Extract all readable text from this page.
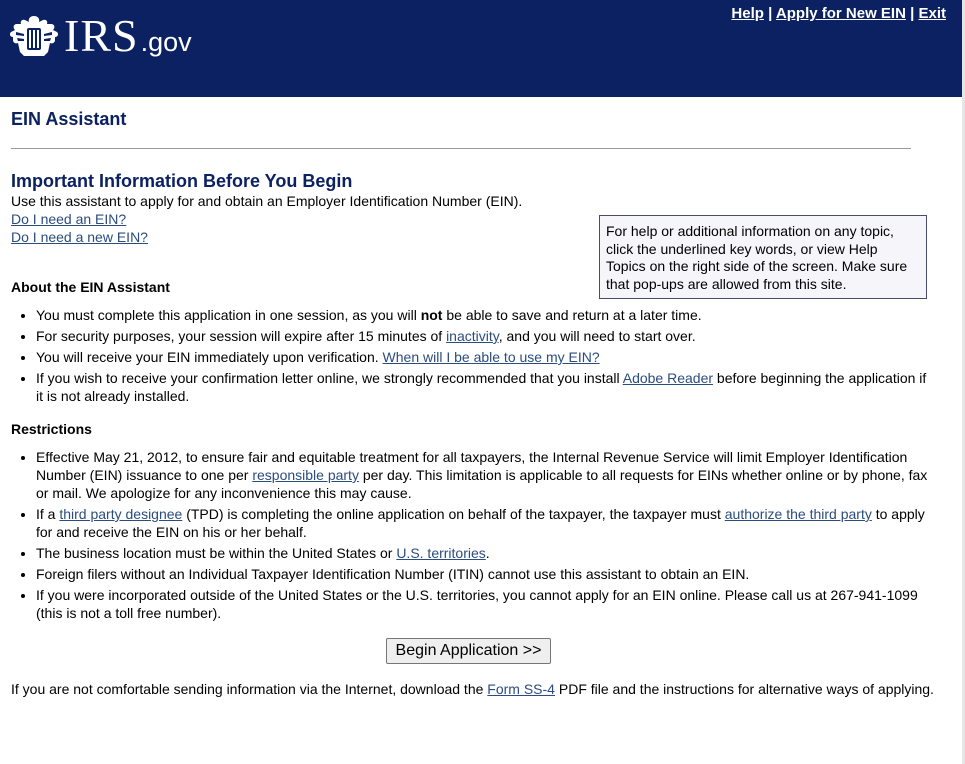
IRS .gov
Help | Apply for New EIN | Exit
EIN Assistant
Important Information Before You Begin

Use this assistant to apply for and obtain an Employer Identification Number (EIN).

Do I need an EIN?

Do I need a new EIN?	For help or additional information on any topic, click the underlined key words, or view Help Topics on the right side of the screen. Make sure that pop-ups are allowed from this site.
About the EIN Assistant
• You must complete this application in one session, as you will not be able to save and return at a later time.
• For security purposes, your session will expire after 15 minutes of inactivity, and you will need to start over.
• You will receive your EIN immediately upon verification. When will I be able to use my EIN?
• If you wish to receive your confirmation letter online, we strongly recommended that you install Adobe Reader before beginning the application if it is not already installed.
Restrictions
• Effective May 21, 2012, to ensure fair and equitable treatment for all taxpayers, the Internal Revenue Service will limit Employer Identification Number (EIN) issuance to one per responsible party per day. This limitation is applicable to all requests for EINs whether online or by phone, fax or mail. We apologize for any inconvenience this may cause.
• If a third party designee (TPD) is completing the online application on behalf of the taxpayer, the taxpayer must authorize the third party to apply for and receive the EIN on his or her behalf.
• The business location must be within the United States or U.S. territories.
• Foreign filers without an Individual Taxpayer Identification Number (ITIN) cannot use this assistant to obtain an EIN.
• If you were incorporated outside of the United States or the U.S. territories, you cannot apply for an EIN online. Please call us at 267-941-1099 (this is not a toll free number).
Begin Application >>

If you are not comfortable sending information via the Internet, download the Form SS-4 PDF file and the instructions for alternative ways of applying.
